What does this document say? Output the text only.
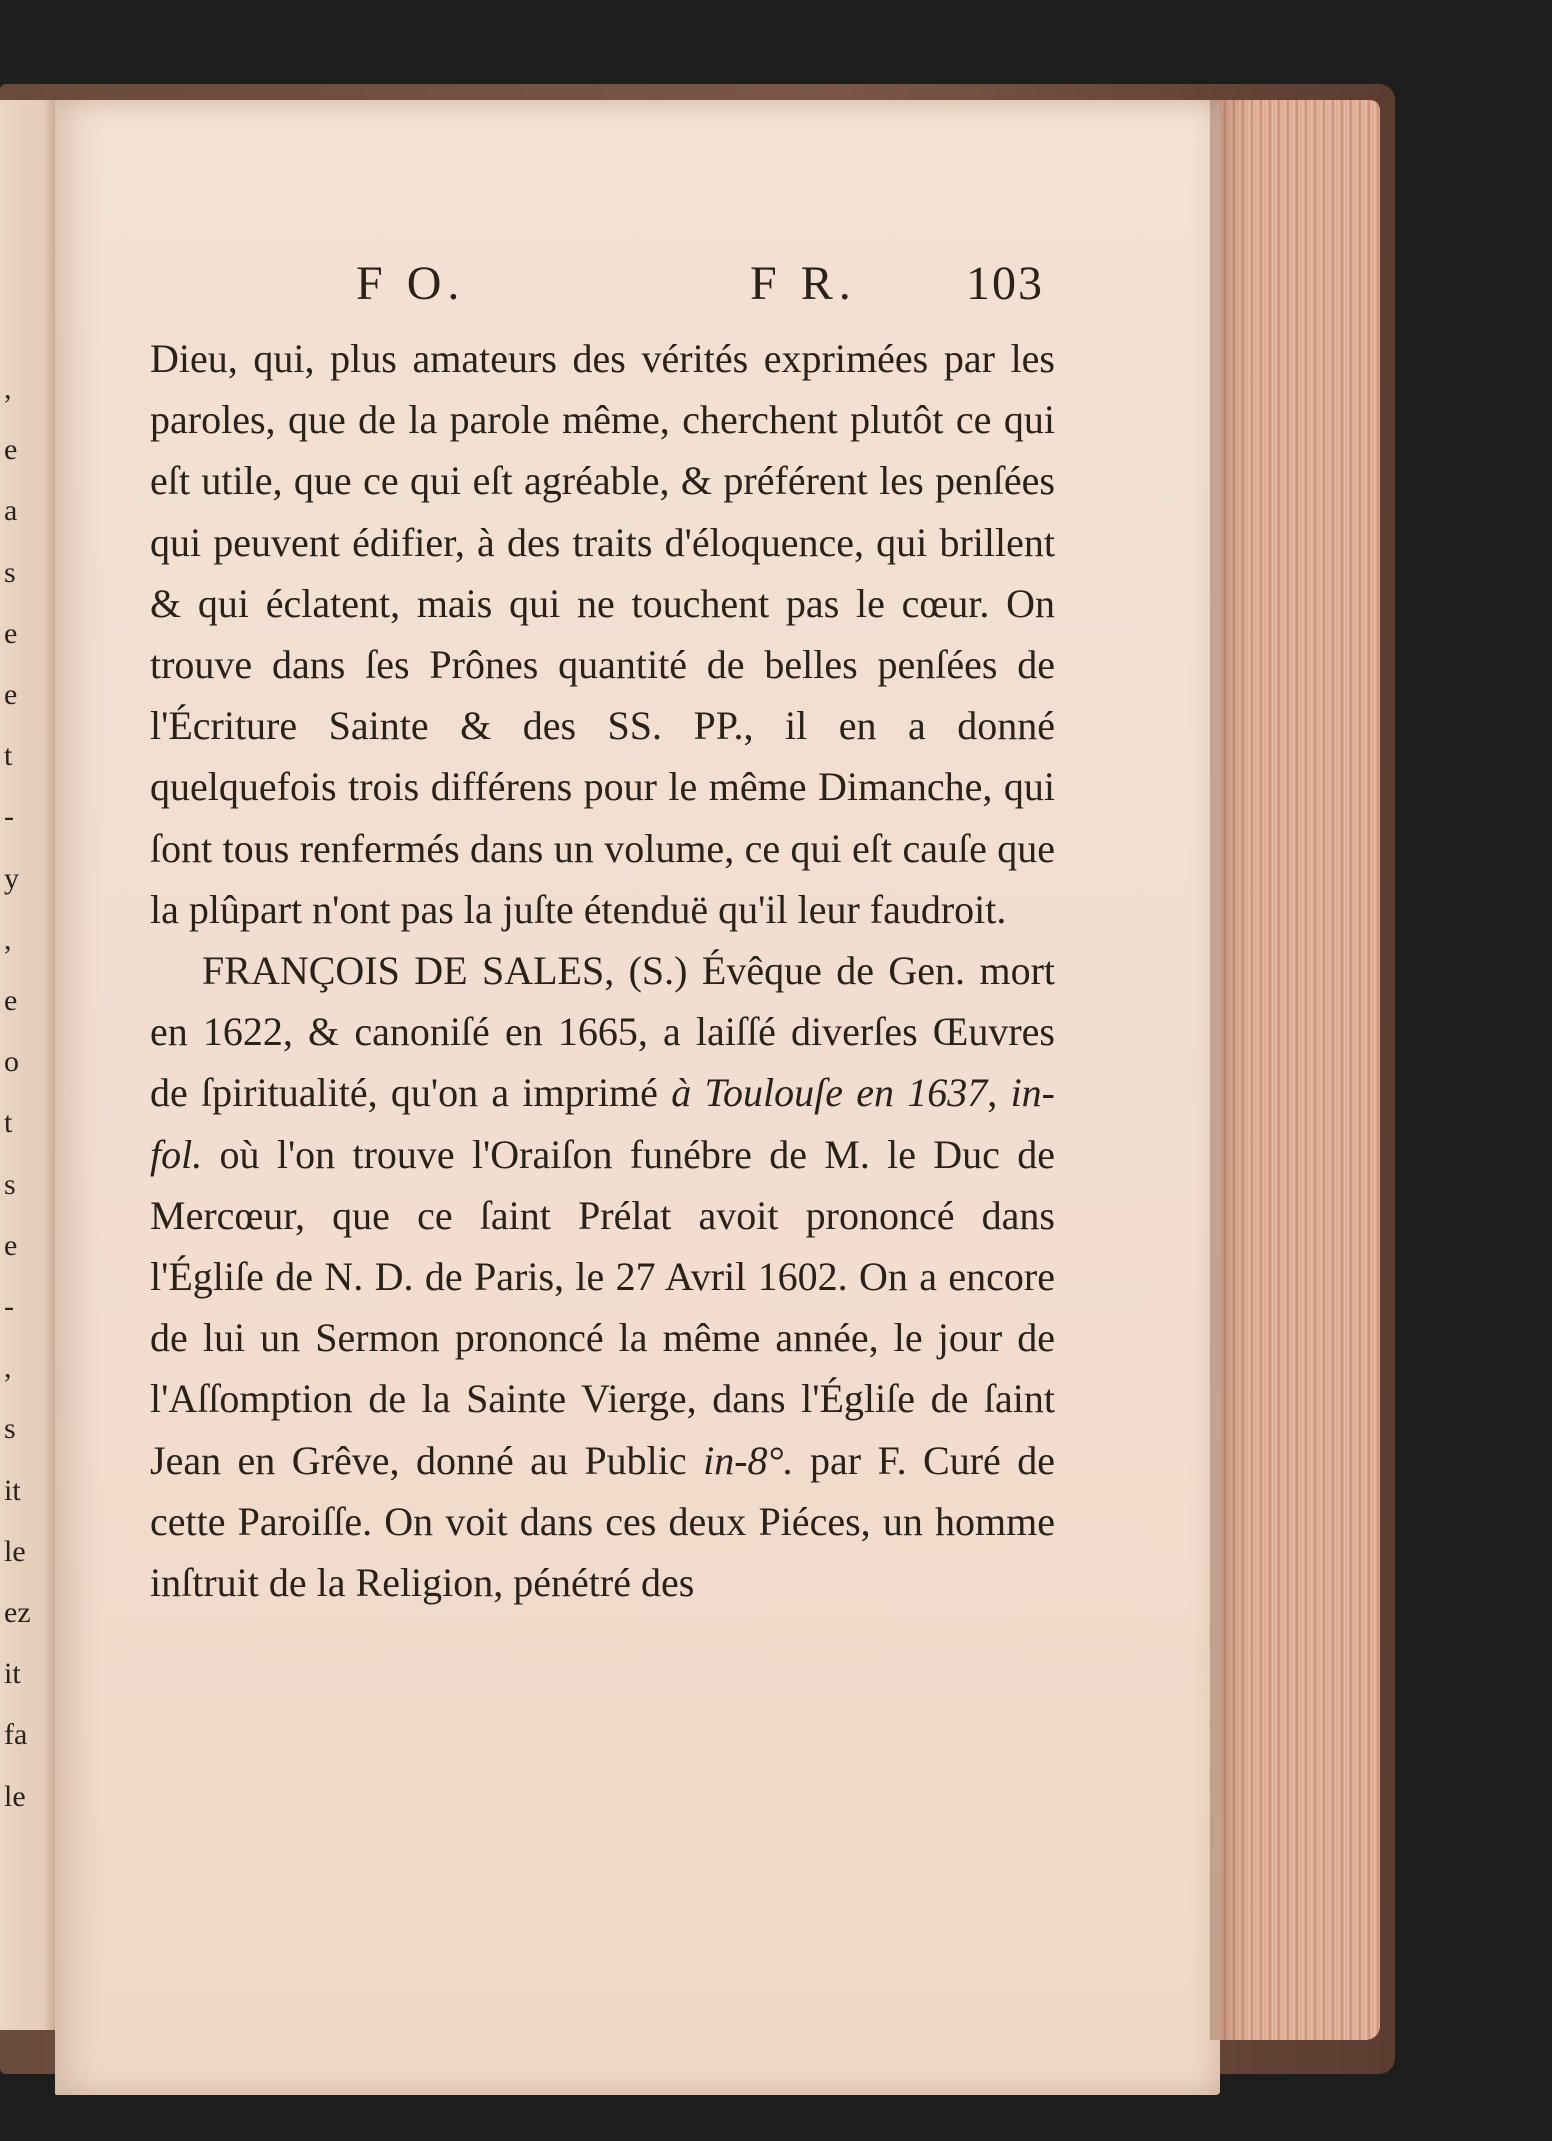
,
e
a
s
e
e
t
-
y
,
e
o
t
s
e
-
,
s
it
le
ez
it
fa
le
F O.	F R. 103

Dieu, qui, plus amateurs des vérités exprimées par les paroles, que de la parole même, cherchent plutôt ce qui eſt utile, que ce qui eſt agréable, & préférent les penſées qui peuvent édifier, à des traits d'éloquence, qui brillent & qui éclatent, mais qui ne touchent pas le cœur. On trouve dans ſes Prônes quantité de belles penſées de l'Écriture Sainte & des SS. PP., il en a donné quelquefois trois différens pour le même Dimanche, qui ſont tous renfermés dans un volume, ce qui eſt cauſe que la plûpart n'ont pas la juſte étenduë qu'il leur faudroit.

FRANÇOIS DE SALES, (S.) Évêque de Gen. mort en 1622, & canoniſé en 1665, a laiſſé diverſes Œuvres de ſpiritualité, qu'on a imprimé à Toulouſe en 1637, in-fol. où l'on trouve l'Oraiſon funébre de M. le Duc de Mercœur, que ce ſaint Prélat avoit prononcé dans l'Égliſe de N. D. de Paris, le 27 Avril 1602. On a encore de lui un Sermon prononcé la même année, le jour de l'Aſſomption de la Sainte Vierge, dans l'Égliſe de ſaint Jean en Grêve, donné au Public in-8°. par F. Curé de cette Paroiſſe. On voit dans ces deux Piéces, un homme inſtruit de la Religion, pénétré des
